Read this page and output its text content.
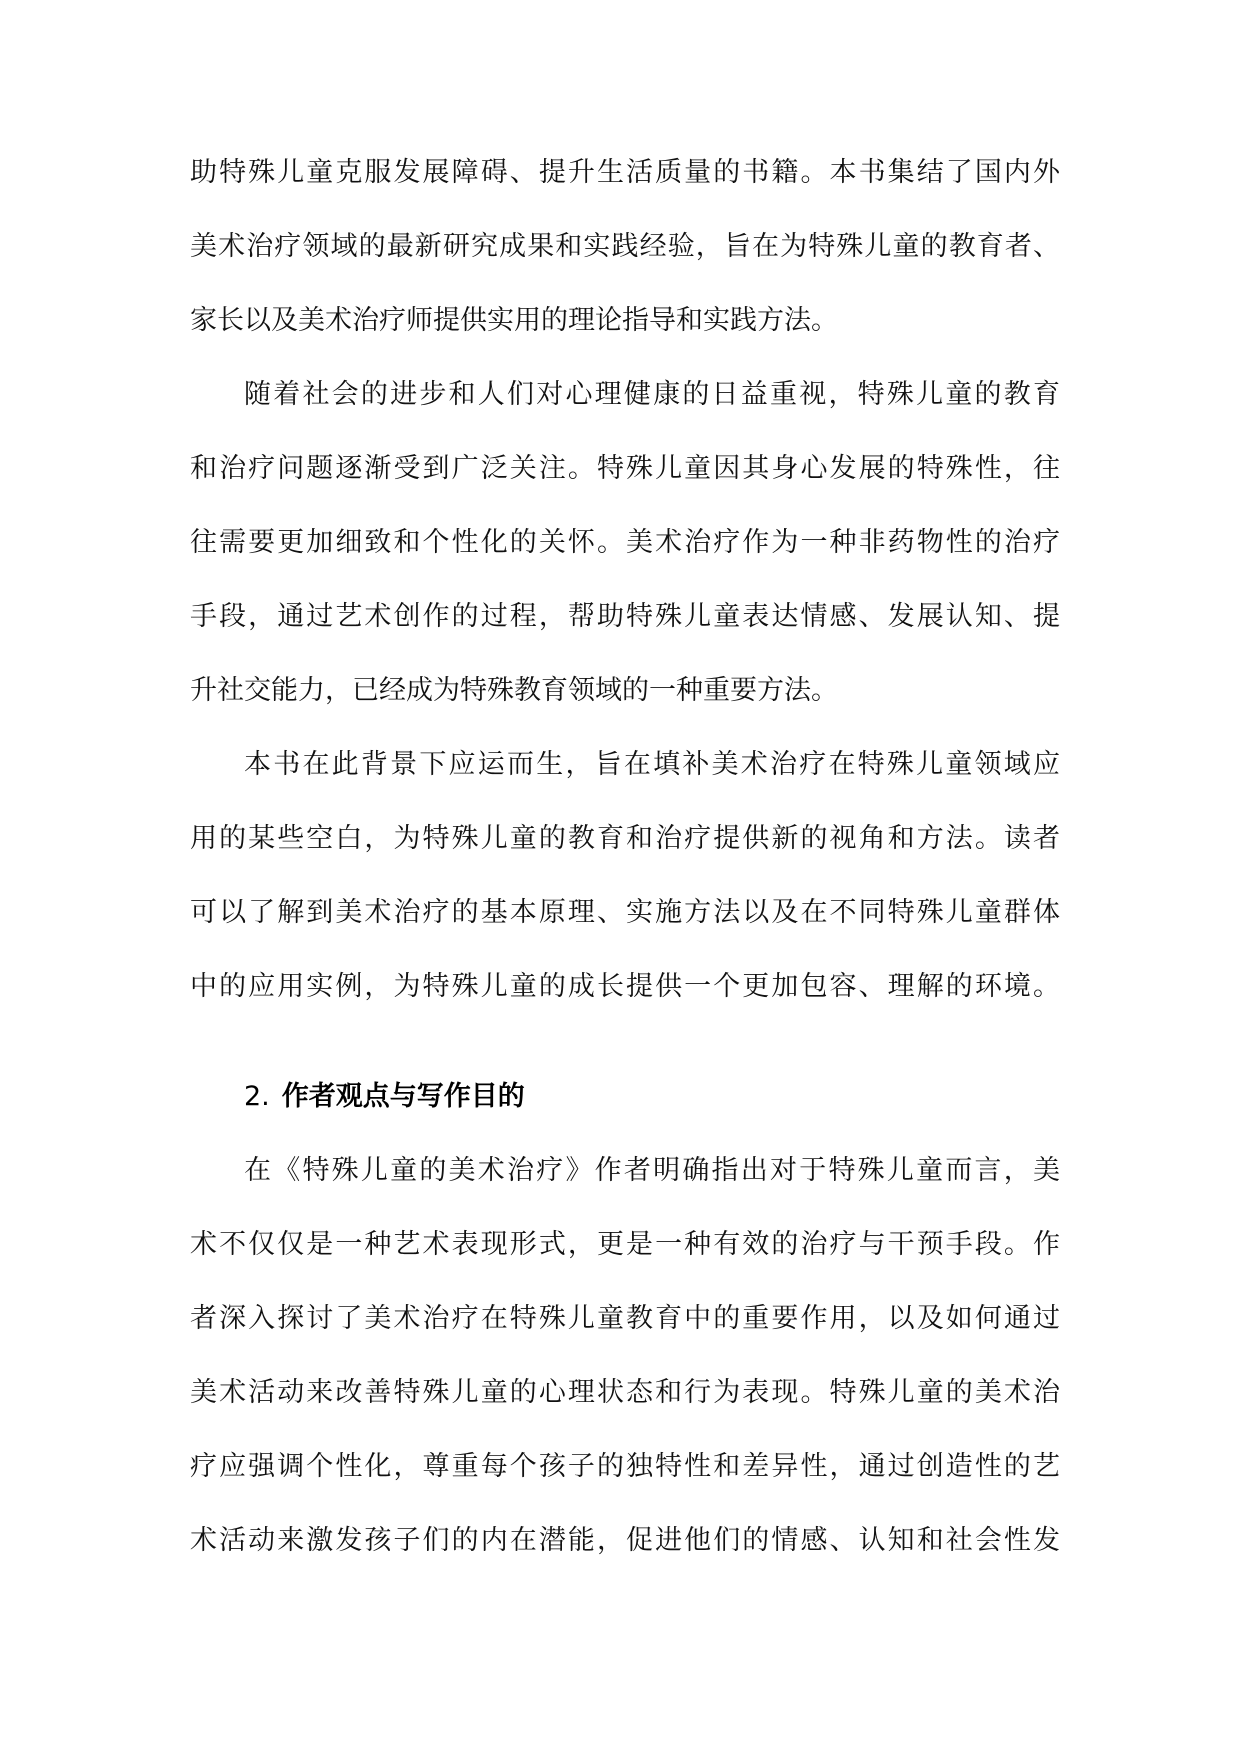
助特殊儿童克服发展障碍、提升生活质量的书籍。本书集结了国内外
美术治疗领域的最新研究成果和实践经验，旨在为特殊儿童的教育者、
家长以及美术治疗师提供实用的理论指导和实践方法。
随着社会的进步和人们对心理健康的日益重视，特殊儿童的教育
和治疗问题逐渐受到广泛关注。特殊儿童因其身心发展的特殊性，往
往需要更加细致和个性化的关怀。美术治疗作为一种非药物性的治疗
手段，通过艺术创作的过程，帮助特殊儿童表达情感、发展认知、提
升社交能力，已经成为特殊教育领域的一种重要方法。
本书在此背景下应运而生，旨在填补美术治疗在特殊儿童领域应
用的某些空白，为特殊儿童的教育和治疗提供新的视角和方法。读者
可以了解到美术治疗的基本原理、实施方法以及在不同特殊儿童群体
中的应用实例，为特殊儿童的成长提供一个更加包容、理解的环境。
2. 作者观点与写作目的
在《特殊儿童的美术治疗》作者明确指出对于特殊儿童而言，美
术不仅仅是一种艺术表现形式，更是一种有效的治疗与干预手段。作
者深入探讨了美术治疗在特殊儿童教育中的重要作用，以及如何通过
美术活动来改善特殊儿童的心理状态和行为表现。特殊儿童的美术治
疗应强调个性化，尊重每个孩子的独特性和差异性，通过创造性的艺
术活动来激发孩子们的内在潜能，促进他们的情感、认知和社会性发
